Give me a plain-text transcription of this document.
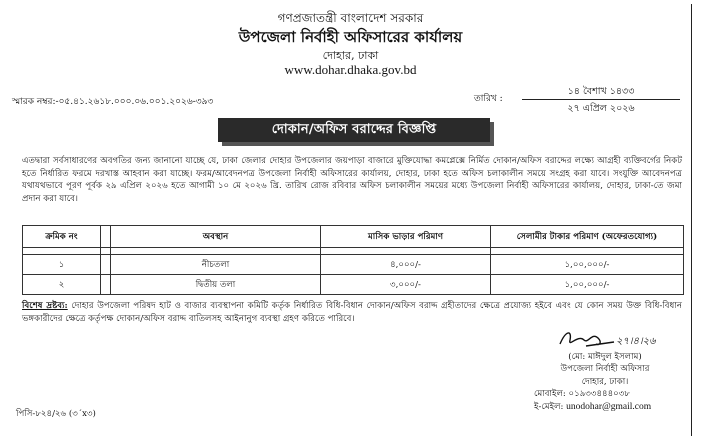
গণপ্রজাতন্ত্রী বাংলাদেশ সরকার
উপজেলা নির্বাহী অফিসারের কার্যালয়
দোহার, ঢাকা
www.dohar.dhaka.gov.bd
স্মারক নম্বর:-০৫.৪১.২৬১৮.০০০.০৬.০০১.২০২৬-৩৯৩	তারিখ :
১৪ বৈশাখ ১৪৩৩
২৭ এপ্রিল ২০২৬
দোকান/অফিস বরাদ্দের বিজ্ঞপ্তি
এতদ্বারা সর্বসাধারণের অবগতির জন্য জানানো যাচ্ছে যে, ঢাকা জেলার দোহার উপজেলার জয়পাড়া বাজারে মুক্তিযোদ্ধা কমপ্লেক্সে নির্মিত দোকান/অফিস বরাদ্দের লক্ষ্যে আগ্রহী ব্যক্তিবর্গের নিকট হতে নির্ধারিত ফরমে দরখাস্ত আহবান করা যাচ্ছে। ফরম/আবেদনপত্র উপজেলা নির্বাহী অফিসারের কার্যালয়, দোহার, ঢাকা হতে অফিস চলাকালীন সময়ে সংগ্রহ করা যাবে। সংযুক্তি আবেদনপত্র যথাযথভাবে পূরণ পূর্বক ২৯ এপ্রিল ২০২৬ হতে আগামী ১০ মে ২০২৬ খ্রি. তারিখ রোজ রবিবার অফিস চলাকালীন সময়ের মধ্যে উপজেলা নির্বাহী অফিসারের কার্যালয়, দোহার, ঢাকা-তে জমা প্রদান করা যাবে।
ক্রমিক নং		অবস্থান	মাসিক ভাড়ার পরিমাণ	সেলামীর টাকার পরিমাণ (অফেরতযোগ্য)

১		নীচতলা	৪,০০০/-	১,০০,০০০/-
২		দ্বিতীয় তলা	৩,০০০/-	১,০০,০০০/-
বিশেষ দ্রষ্টব্য: দোহার উপজেলা পরিষদ হাট ও বাজার ব্যবস্থাপনা কমিটি কর্তৃক নির্ধারিত বিধি-বিধান দোকান/অফিস বরাদ্দ গ্রহীতাদের ক্ষেত্রে প্রযোজ্য হইবে এবং যে কোন সময় উক্ত বিধি-বিধান ভঙ্গকারীদের ক্ষেত্রে কর্তৃপক্ষ দোকান/অফিস বরাদ্দ বাতিলসহ আইনানুগ ব্যবস্থা গ্রহণ করিতে পারিবে।
২৭।৪।২৬
(মো: মাঈদুল ইসলাম)
উপজেলা নির্বাহী অফিসার
দোহার, ঢাকা।
মোবাইল: ০১৯৩৩৪৪৪০৩৮
ই-মেইল: unodohar@gmail.com
পিসি-৮২৪/২৬ (৩´x৩)
